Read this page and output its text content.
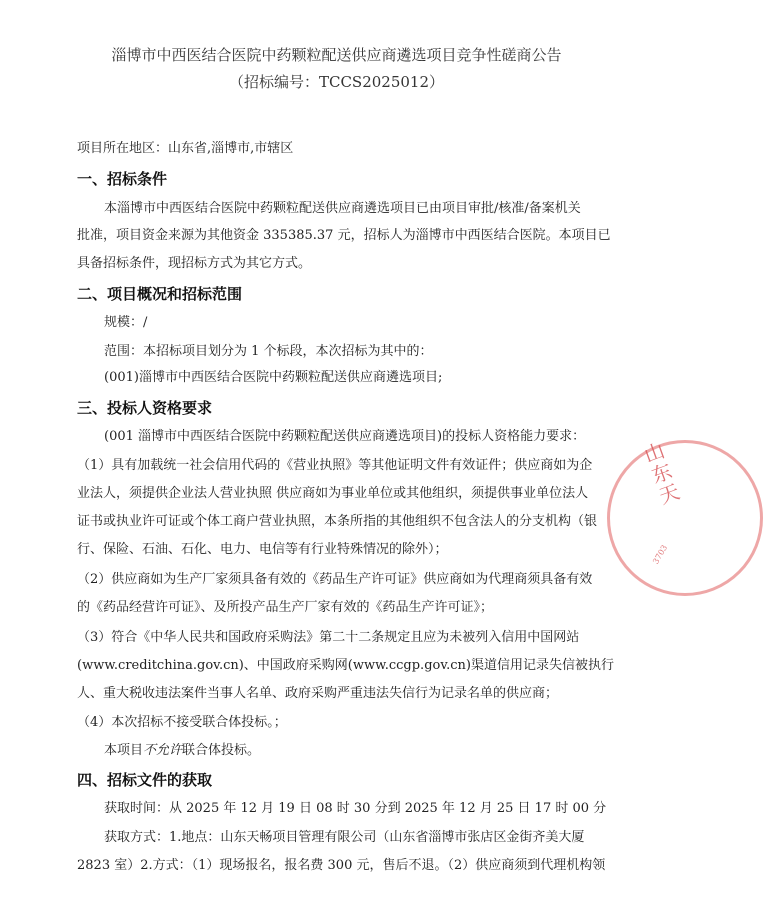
淄博市中西医结合医院中药颗粒配送供应商遴选项目竞争性磋商公告
（招标编号：TCCS2025012）
项目所在地区：山东省,淄博市,市辖区
一、招标条件
本淄博市中西医结合医院中药颗粒配送供应商遴选项目已由项目审批/核准/备案机关
批准，项目资金来源为其他资金 335385.37 元，招标人为淄博市中西医结合医院。本项目已
具备招标条件，现招标方式为其它方式。
二、项目概况和招标范围
规模：/
范围：本招标项目划分为 1 个标段，本次招标为其中的：
(001)淄博市中西医结合医院中药颗粒配送供应商遴选项目;
三、投标人资格要求
(001 淄博市中西医结合医院中药颗粒配送供应商遴选项目)的投标人资格能力要求：
（1）具有加载统一社会信用代码的《营业执照》等其他证明文件有效证件；供应商如为企
业法人，须提供企业法人营业执照 供应商如为事业单位或其他组织，须提供事业单位法人
证书或执业许可证或个体工商户营业执照，本条所指的其他组织不包含法人的分支机构（银
行、保险、石油、石化、电力、电信等有行业特殊情况的除外）；
（2）供应商如为生产厂家须具备有效的《药品生产许可证》供应商如为代理商须具备有效
的《药品经营许可证》、及所投产品生产厂家有效的《药品生产许可证》；
（3）符合《中华人民共和国政府采购法》第二十二条规定且应为未被列入信用中国网站
(www.creditchina.gov.cn)、中国政府采购网(www.ccgp.gov.cn)渠道信用记录失信被执行
人、重大税收违法案件当事人名单、政府采购严重违法失信行为记录名单的供应商；
（4）本次招标不接受联合体投标。；
本项目不允许联合体投标。
四、招标文件的获取
获取时间：从 2025 年 12 月 19 日 08 时 30 分到 2025 年 12 月 25 日 17 时 00 分
获取方式：1.地点：山东天畅项目管理有限公司（山东省淄博市张店区金街齐美大厦
2823 室）2.方式：（1）现场报名，报名费 300 元，售后不退。（2）供应商须到代理机构领
山东天
3703
